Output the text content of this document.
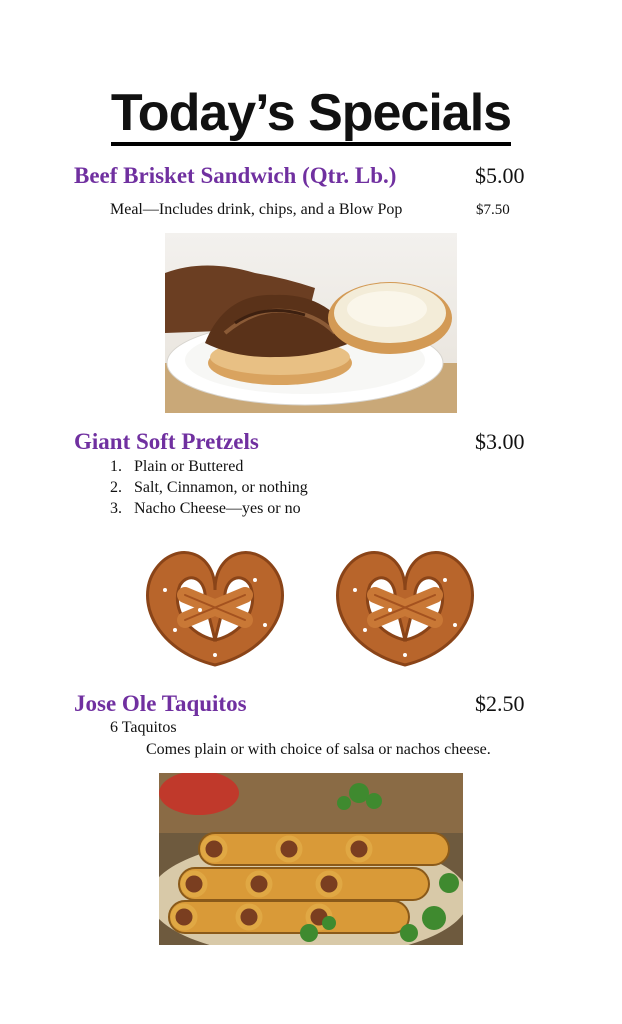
Today’s Specials
Beef Brisket Sandwich (Qtr. Lb.)	$5.00
Meal—Includes drink, chips, and a Blow Pop	$7.50
Giant Soft Pretzels	$3.00
1. Plain or Buttered
2. Salt, Cinnamon, or nothing
3. Nacho Cheese—yes or no
Jose Ole Taquitos	$2.50
6 Taquitos
Comes plain or with choice of salsa or nachos cheese.
